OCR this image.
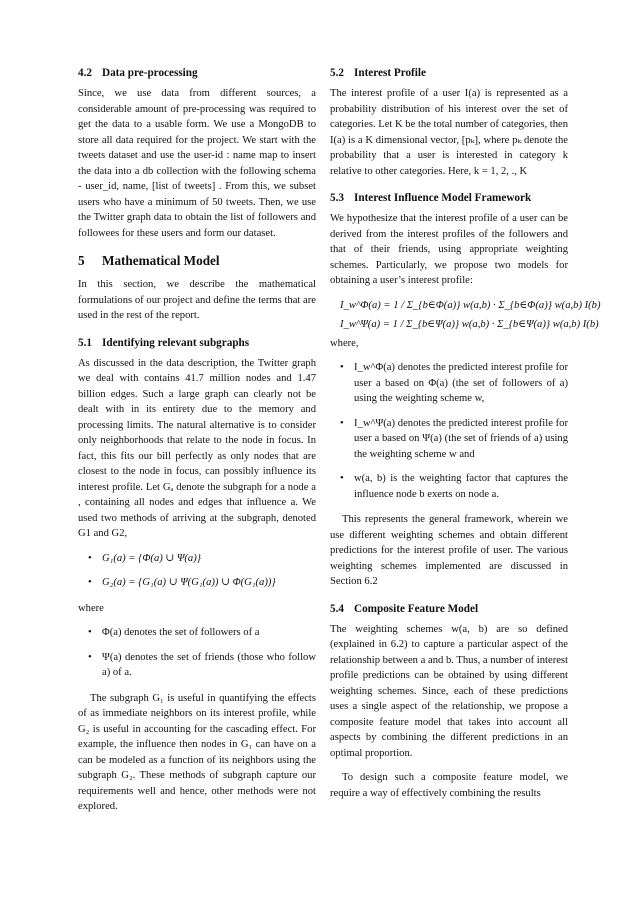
4.2 Data pre-processing

Since, we use data from different sources, a considerable amount of pre-processing was required to get the data to a usable form. We use a MongoDB to store all data required for the project. We start with the tweets dataset and use the user-id : name map to insert the data into a db collection with the following schema - user_id, name, [list of tweets] . From this, we subset users who have a minimum of 50 tweets. Then, we use the Twitter graph data to obtain the list of followers and followees for these users and form our dataset.

5 Mathematical Model

In this section, we describe the mathematical formulations of our project and define the terms that are used in the rest of the report.

5.1 Identifying relevant subgraphs

As discussed in the data description, the Twitter graph we deal with contains 41.7 million nodes and 1.47 billion edges. Such a large graph can clearly not be dealt with in its entirety due to the memory and processing limits. The natural alternative is to consider only neighborhoods that relate to the node in focus. In fact, this fits our bill perfectly as only nodes that are closest to the node in focus, can possibly influence its interest profile. Let Gₐ denote the subgraph for a node a , containing all nodes and edges that influence a. We used two methods of arriving at the subgraph, denoted G1 and G2,

• G₁(a) = {Φ(a) ∪ Ψ(a)}
• G₂(a) = {G₁(a) ∪ Ψ(G₁(a)) ∪ Φ(G₁(a))}

where

• Φ(a) denotes the set of followers of a
• Ψ(a) denotes the set of friends (those who follow a) of a.

The subgraph G₁ is useful in quantifying the effects of as immediate neighbors on its interest profile, while G₂ is useful in accounting for the cascading effect. For example, the influence then nodes in G₁ can have on a can be modeled as a function of its neighbors using the subgraph G₂. These methods of subgraph capture our requirements well and hence, other methods were not explored.

5.2 Interest Profile

The interest profile of a user I(a) is represented as a probability distribution of his interest over the set of categories. Let K be the total number of categories, then I(a) is a K dimensional vector, [pₖ], where pₖ denote the probability that a user is interested in category k relative to other categories. Here, k = 1, 2, ., K

5.3 Interest Influence Model Framework

We hypothesize that the interest profile of a user can be derived from the interest profiles of the followers and that of their friends, using appropriate weighting schemes. Particularly, we propose two models for obtaining a user’s interest profile:

I_w^Φ(a) = 1 / Σ_{b∈Φ(a)} w(a,b) · Σ_{b∈Φ(a)} w(a,b) I(b)
I_w^Ψ(a) = 1 / Σ_{b∈Ψ(a)} w(a,b) · Σ_{b∈Ψ(a)} w(a,b) I(b)

where,

• I_w^Φ(a) denotes the predicted interest profile for user a based on Φ(a) (the set of followers of a) using the weighting scheme w,
• I_w^Ψ(a) denotes the predicted interest profile for user a based on Ψ(a) (the set of friends of a) using the weighting scheme w and
• w(a, b) is the weighting factor that captures the influence node b exerts on node a.

This represents the general framework, wherein we use different weighting schemes and obtain different predictions for the interest profile of user. The various weighting schemes implemented are discussed in Section 6.2

5.4 Composite Feature Model

The weighting schemes w(a, b) are so defined (explained in 6.2) to capture a particular aspect of the relationship between a and b. Thus, a number of interest profile predictions can be obtained by using different weighting schemes. Since, each of these predictions uses a single aspect of the relationship, we propose a composite feature model that takes into account all aspects by combining the different predictions in an optimal proportion.

To design such a composite feature model, we require a way of effectively combining the results
